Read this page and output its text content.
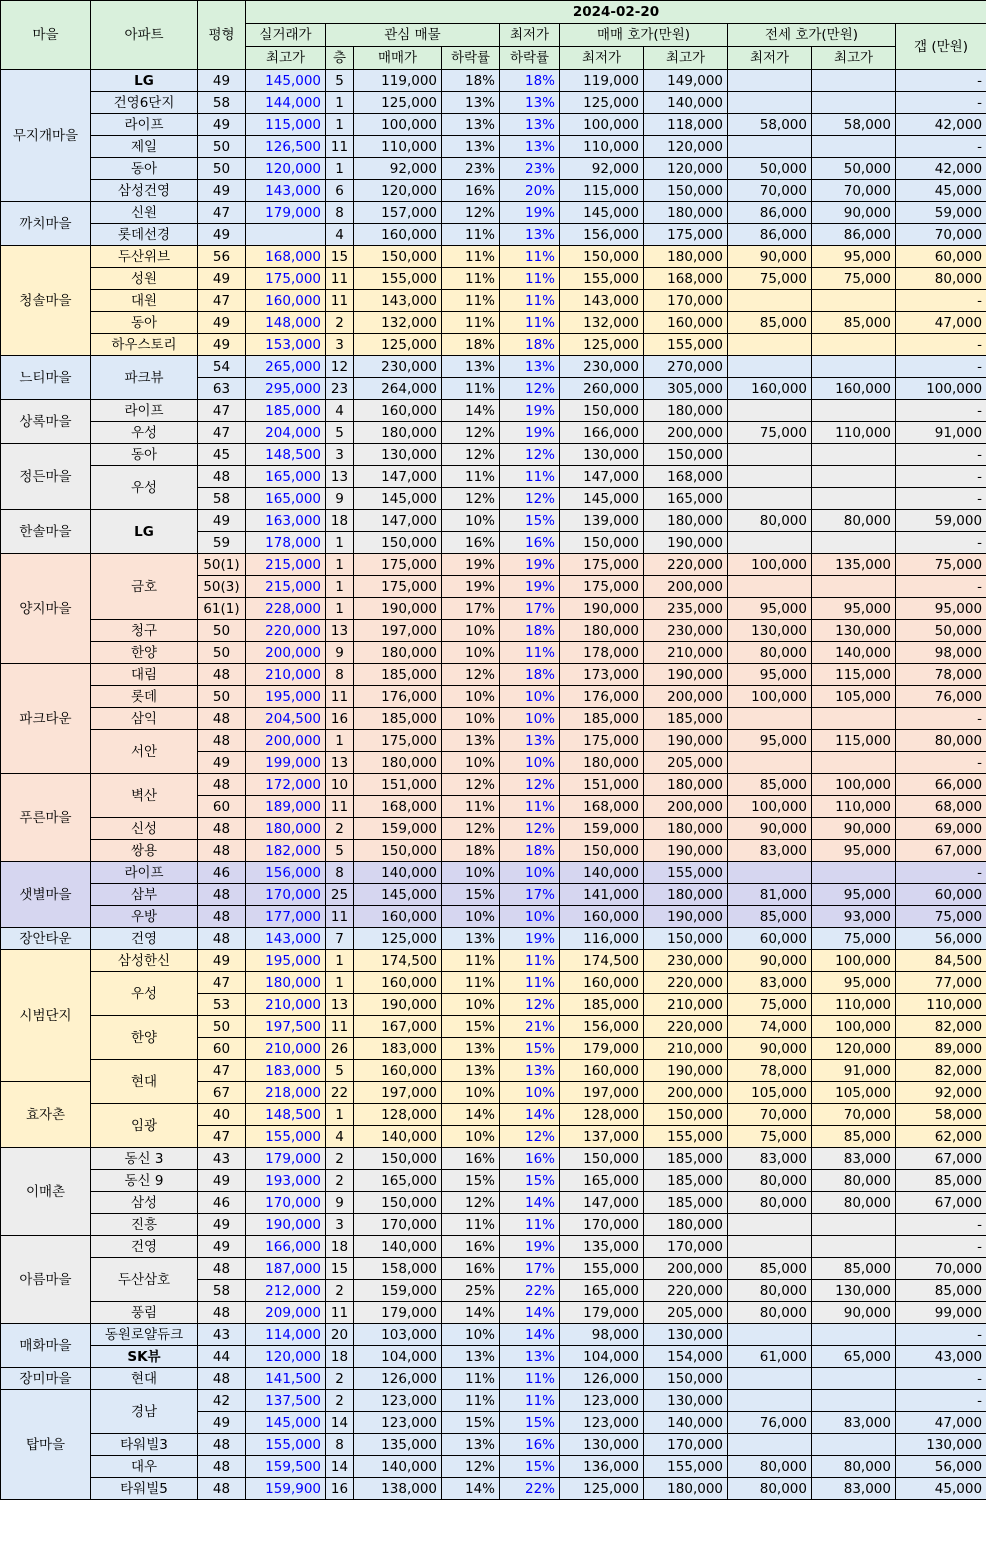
마을	아파트	평형	2024-02-20									
			실거래가	관심 매물			최저가	매매 호가(만원)		전세 호가(만원)		갭 (만원)
			최고가	층	매매가	하락률	하락률	최저가	최고가	최저가	최고가	
무지개마을	LG	49	145,000	5	119,000	18%	18%	119,000	149,000			-
	건영6단지	58	144,000	1	125,000	13%	13%	125,000	140,000			-
	라이프	49	115,000	1	100,000	13%	13%	100,000	118,000	58,000	58,000	42,000
	제일	50	126,500	11	110,000	13%	13%	110,000	120,000			-
	동아	50	120,000	1	92,000	23%	23%	92,000	120,000	50,000	50,000	42,000
	삼성건영	49	143,000	6	120,000	16%	20%	115,000	150,000	70,000	70,000	45,000
까치마을	신원	47	179,000	8	157,000	12%	19%	145,000	180,000	86,000	90,000	59,000
	롯데선경	49		4	160,000	11%	13%	156,000	175,000	86,000	86,000	70,000
청솔마을	두산위브	56	168,000	15	150,000	11%	11%	150,000	180,000	90,000	95,000	60,000
	성원	49	175,000	11	155,000	11%	11%	155,000	168,000	75,000	75,000	80,000
	대원	47	160,000	11	143,000	11%	11%	143,000	170,000			-
	동아	49	148,000	2	132,000	11%	11%	132,000	160,000	85,000	85,000	47,000
	하우스토리	49	153,000	3	125,000	18%	18%	125,000	155,000			-
느티마을	파크뷰	54	265,000	12	230,000	13%	13%	230,000	270,000			-
		63	295,000	23	264,000	11%	12%	260,000	305,000	160,000	160,000	100,000
상록마을	라이프	47	185,000	4	160,000	14%	19%	150,000	180,000			-
	우성	47	204,000	5	180,000	12%	19%	166,000	200,000	75,000	110,000	91,000
정든마을	동아	45	148,500	3	130,000	12%	12%	130,000	150,000			-
	우성	48	165,000	13	147,000	11%	11%	147,000	168,000			-
		58	165,000	9	145,000	12%	12%	145,000	165,000			-
한솔마을	LG	49	163,000	18	147,000	10%	15%	139,000	180,000	80,000	80,000	59,000
		59	178,000	1	150,000	16%	16%	150,000	190,000			-
양지마을	금호	50(1)	215,000	1	175,000	19%	19%	175,000	220,000	100,000	135,000	75,000
		50(3)	215,000	1	175,000	19%	19%	175,000	200,000			-
		61(1)	228,000	1	190,000	17%	17%	190,000	235,000	95,000	95,000	95,000
	청구	50	220,000	13	197,000	10%	18%	180,000	230,000	130,000	130,000	50,000
	한양	50	200,000	9	180,000	10%	11%	178,000	210,000	80,000	140,000	98,000
파크타운	대림	48	210,000	8	185,000	12%	18%	173,000	190,000	95,000	115,000	78,000
	롯데	50	195,000	11	176,000	10%	10%	176,000	200,000	100,000	105,000	76,000
	삼익	48	204,500	16	185,000	10%	10%	185,000	185,000			-
	서안	48	200,000	1	175,000	13%	13%	175,000	190,000	95,000	115,000	80,000
		49	199,000	13	180,000	10%	10%	180,000	205,000			-
푸른마을	벽산	48	172,000	10	151,000	12%	12%	151,000	180,000	85,000	100,000	66,000
		60	189,000	11	168,000	11%	11%	168,000	200,000	100,000	110,000	68,000
	신성	48	180,000	2	159,000	12%	12%	159,000	180,000	90,000	90,000	69,000
	쌍용	48	182,000	5	150,000	18%	18%	150,000	190,000	83,000	95,000	67,000
샛별마을	라이프	46	156,000	8	140,000	10%	10%	140,000	155,000			-
	삼부	48	170,000	25	145,000	15%	17%	141,000	180,000	81,000	95,000	60,000
	우방	48	177,000	11	160,000	10%	10%	160,000	190,000	85,000	93,000	75,000
장안타운	건영	48	143,000	7	125,000	13%	19%	116,000	150,000	60,000	75,000	56,000
시범단지	삼성한신	49	195,000	1	174,500	11%	11%	174,500	230,000	90,000	100,000	84,500
	우성	47	180,000	1	160,000	11%	11%	160,000	220,000	83,000	95,000	77,000
		53	210,000	13	190,000	10%	12%	185,000	210,000	75,000	110,000	110,000
	한양	50	197,500	11	167,000	15%	21%	156,000	220,000	74,000	100,000	82,000
		60	210,000	26	183,000	13%	15%	179,000	210,000	90,000	120,000	89,000
	현대	47	183,000	5	160,000	13%	13%	160,000	190,000	78,000	91,000	82,000
효자촌		67	218,000	22	197,000	10%	10%	197,000	200,000	105,000	105,000	92,000
	임광	40	148,500	1	128,000	14%	14%	128,000	150,000	70,000	70,000	58,000
		47	155,000	4	140,000	10%	12%	137,000	155,000	75,000	85,000	62,000
이매촌	동신 3	43	179,000	2	150,000	16%	16%	150,000	185,000	83,000	83,000	67,000
	동신 9	49	193,000	2	165,000	15%	15%	165,000	185,000	80,000	80,000	85,000
	삼성	46	170,000	9	150,000	12%	14%	147,000	185,000	80,000	80,000	67,000
	진흥	49	190,000	3	170,000	11%	11%	170,000	180,000			-
아름마을	건영	49	166,000	18	140,000	16%	19%	135,000	170,000			-
	두산삼호	48	187,000	15	158,000	16%	17%	155,000	200,000	85,000	85,000	70,000
		58	212,000	2	159,000	25%	22%	165,000	220,000	80,000	130,000	85,000
	풍림	48	209,000	11	179,000	14%	14%	179,000	205,000	80,000	90,000	99,000
매화마을	동원로얄듀크	43	114,000	20	103,000	10%	14%	98,000	130,000			-
	SK뷰	44	120,000	18	104,000	13%	13%	104,000	154,000	61,000	65,000	43,000
장미마을	현대	48	141,500	2	126,000	11%	11%	126,000	150,000			-
탑마을	경남	42	137,500	2	123,000	11%	11%	123,000	130,000			-
		49	145,000	14	123,000	15%	15%	123,000	140,000	76,000	83,000	47,000
	타워빌3	48	155,000	8	135,000	13%	16%	130,000	170,000			130,000
	대우	48	159,500	14	140,000	12%	15%	136,000	155,000	80,000	80,000	56,000
	타워빌5	48	159,900	16	138,000	14%	22%	125,000	180,000	80,000	83,000	45,000
